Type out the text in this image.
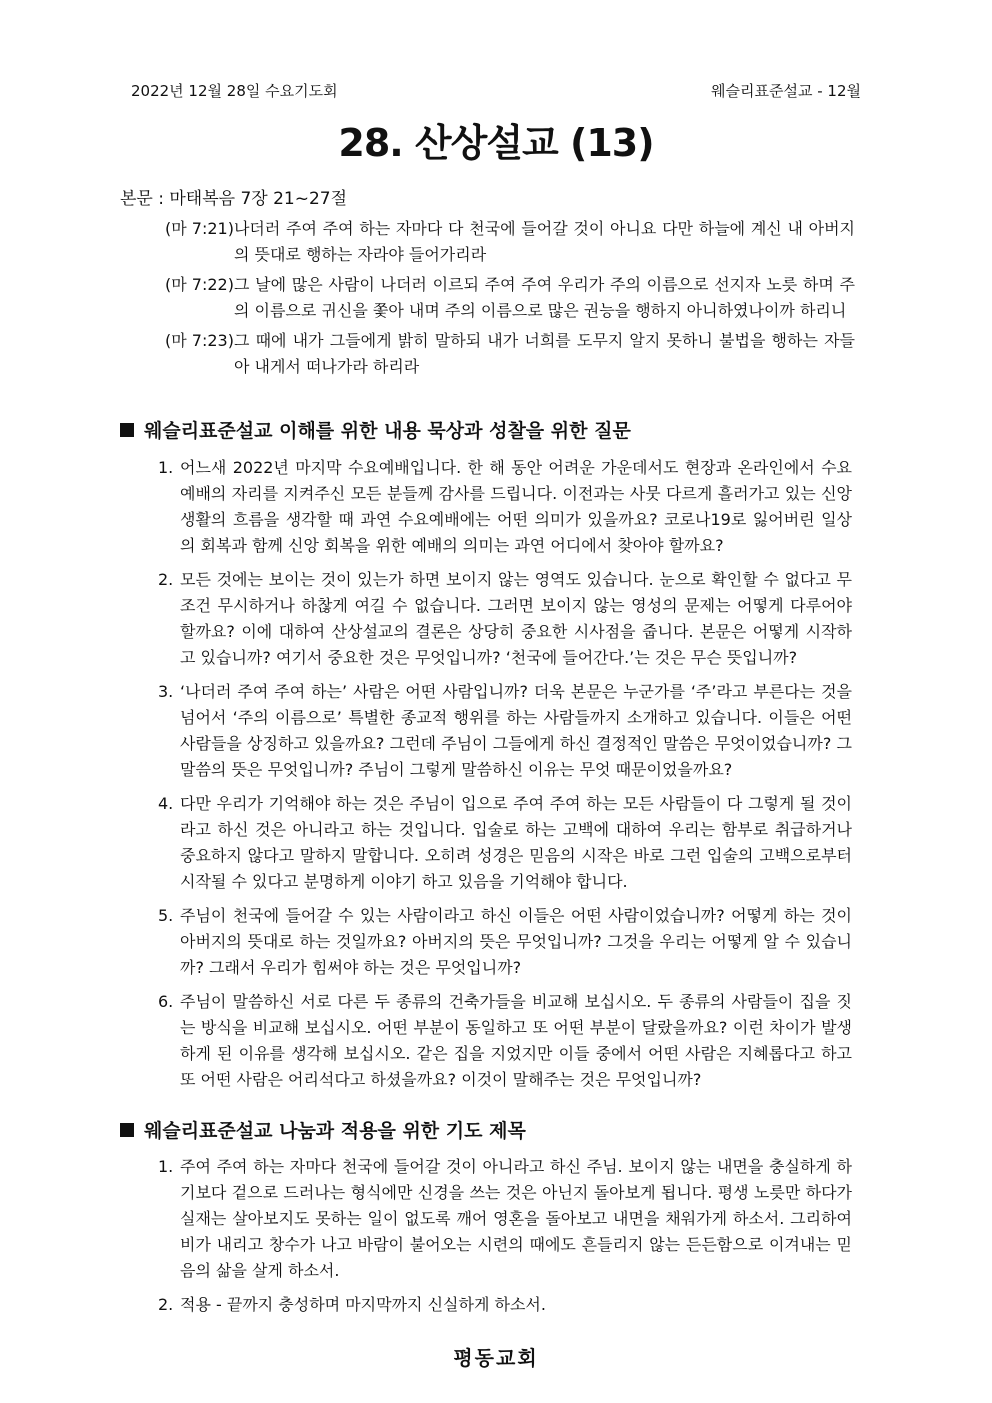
2022년 12월 28일 수요기도회	웨슬리표준설교 - 12월
28. 산상설교 (13)
본문 : 마태복음 7장 21~27절
(마 7:21) 나더러 주여 주여 하는 자마다 다 천국에 들어갈 것이 아니요 다만 하늘에 계신 내 아버지의 뜻대로 행하는 자라야 들어가리라
(마 7:22) 그 날에 많은 사람이 나더러 이르되 주여 주여 우리가 주의 이름으로 선지자 노릇 하며 주의 이름으로 귀신을 쫓아 내며 주의 이름으로 많은 권능을 행하지 아니하였나이까 하리니
(마 7:23) 그 때에 내가 그들에게 밝히 말하되 내가 너희를 도무지 알지 못하니 불법을 행하는 자들아 내게서 떠나가라 하리라
웨슬리표준설교 이해를 위한 내용 묵상과 성찰을 위한 질문
1. 어느새 2022년 마지막 수요예배입니다. 한 해 동안 어려운 가운데서도 현장과 온라인에서 수요예배의 자리를 지켜주신 모든 분들께 감사를 드립니다. 이전과는 사뭇 다르게 흘러가고 있는 신앙생활의 흐름을 생각할 때 과연 수요예배에는 어떤 의미가 있을까요? 코로나19로 잃어버린 일상의 회복과 함께 신앙 회복을 위한 예배의 의미는 과연 어디에서 찾아야 할까요?
2. 모든 것에는 보이는 것이 있는가 하면 보이지 않는 영역도 있습니다. 눈으로 확인할 수 없다고 무조건 무시하거나 하찮게 여길 수 없습니다. 그러면 보이지 않는 영성의 문제는 어떻게 다루어야 할까요? 이에 대하여 산상설교의 결론은 상당히 중요한 시사점을 줍니다. 본문은 어떻게 시작하고 있습니까? 여기서 중요한 것은 무엇입니까? ‘천국에 들어간다.’는 것은 무슨 뜻입니까?
3. ‘나더러 주여 주여 하는’ 사람은 어떤 사람입니까? 더욱 본문은 누군가를 ‘주’라고 부른다는 것을 넘어서 ‘주의 이름으로’ 특별한 종교적 행위를 하는 사람들까지 소개하고 있습니다. 이들은 어떤 사람들을 상징하고 있을까요? 그런데 주님이 그들에게 하신 결정적인 말씀은 무엇이었습니까? 그 말씀의 뜻은 무엇입니까? 주님이 그렇게 말씀하신 이유는 무엇 때문이었을까요?
4. 다만 우리가 기억해야 하는 것은 주님이 입으로 주여 주여 하는 모든 사람들이 다 그렇게 될 것이라고 하신 것은 아니라고 하는 것입니다. 입술로 하는 고백에 대하여 우리는 함부로 취급하거나 중요하지 않다고 말하지 말합니다. 오히려 성경은 믿음의 시작은 바로 그런 입술의 고백으로부터 시작될 수 있다고 분명하게 이야기 하고 있음을 기억해야 합니다.
5. 주님이 천국에 들어갈 수 있는 사람이라고 하신 이들은 어떤 사람이었습니까? 어떻게 하는 것이 아버지의 뜻대로 하는 것일까요? 아버지의 뜻은 무엇입니까? 그것을 우리는 어떻게 알 수 있습니까? 그래서 우리가 힘써야 하는 것은 무엇입니까?
6. 주님이 말씀하신 서로 다른 두 종류의 건축가들을 비교해 보십시오. 두 종류의 사람들이 집을 짓는 방식을 비교해 보십시오. 어떤 부분이 동일하고 또 어떤 부분이 달랐을까요? 이런 차이가 발생하게 된 이유를 생각해 보십시오. 같은 집을 지었지만 이들 중에서 어떤 사람은 지혜롭다고 하고 또 어떤 사람은 어리석다고 하셨을까요? 이것이 말해주는 것은 무엇입니까?
웨슬리표준설교 나눔과 적용을 위한 기도 제목
1. 주여 주여 하는 자마다 천국에 들어갈 것이 아니라고 하신 주님. 보이지 않는 내면을 충실하게 하기보다 겉으로 드러나는 형식에만 신경을 쓰는 것은 아닌지 돌아보게 됩니다. 평생 노릇만 하다가 실재는 살아보지도 못하는 일이 없도록 깨어 영혼을 돌아보고 내면을 채워가게 하소서. 그리하여 비가 내리고 창수가 나고 바람이 불어오는 시련의 때에도 흔들리지 않는 든든함으로 이겨내는 믿음의 삶을 살게 하소서.
2. 적용 - 끝까지 충성하며 마지막까지 신실하게 하소서.
평동교회
